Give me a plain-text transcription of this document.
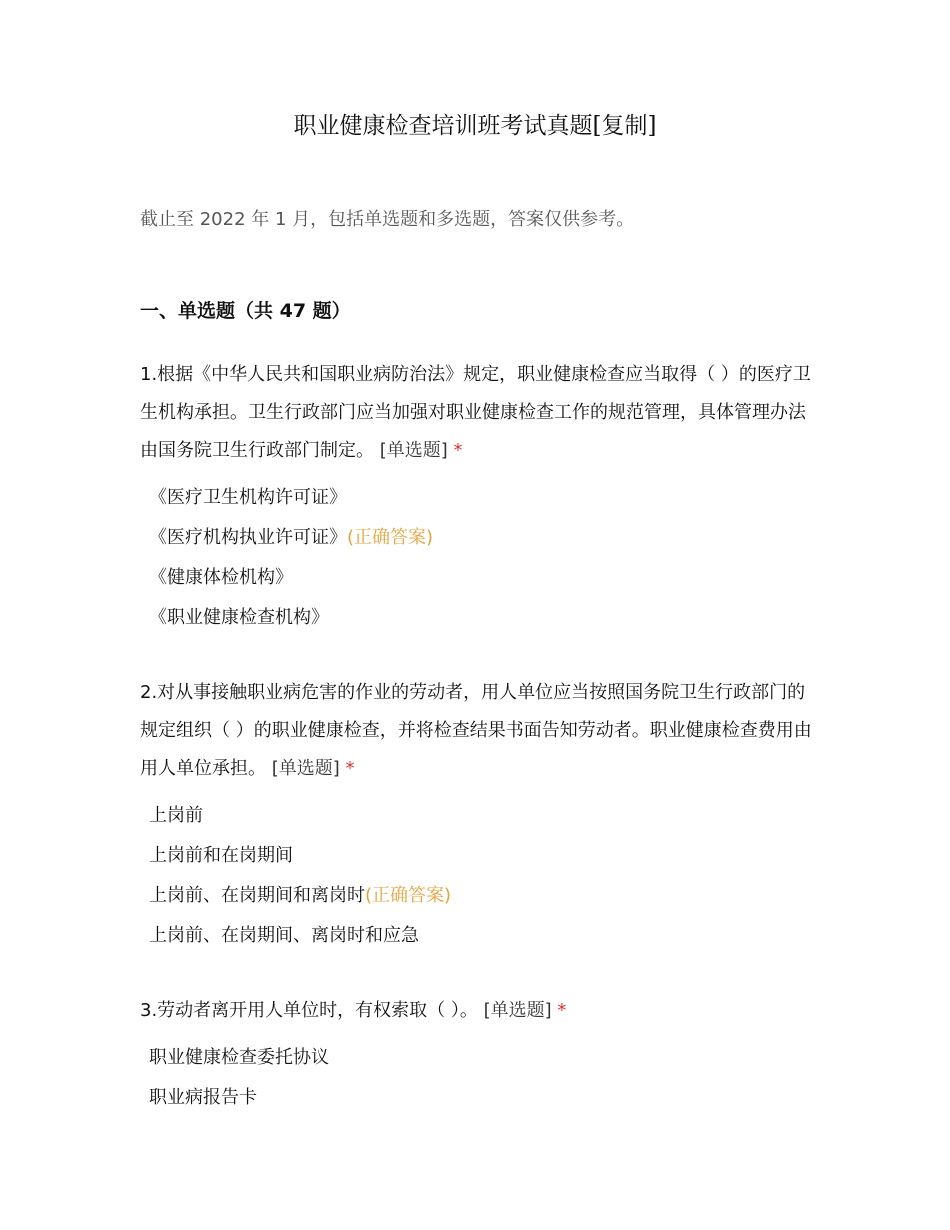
职业健康检查培训班考试真题[复制]
截止至 2022 年 1 月，包括单选题和多选题，答案仅供参考。
一、单选题（共 47 题）
1.根据《中华人民共和国职业病防治法》规定，职业健康检查应当取得（ ）的医疗卫生机构承担。卫生行政部门应当加强对职业健康检查工作的规范管理，具体管理办法由国务院卫生行政部门制定。 [单选题] *
《医疗卫生机构许可证》
《医疗机构执业许可证》(正确答案)
《健康体检机构》
《职业健康检查机构》
2.对从事接触职业病危害的作业的劳动者，用人单位应当按照国务院卫生行政部门的规定组织（ ）的职业健康检查，并将检查结果书面告知劳动者。职业健康检查费用由用人单位承担。 [单选题] *
上岗前
上岗前和在岗期间
上岗前、在岗期间和离岗时(正确答案)
上岗前、在岗期间、离岗时和应急
3.劳动者离开用人单位时，有权索取（ ）。 [单选题] *
职业健康检查委托协议
职业病报告卡
